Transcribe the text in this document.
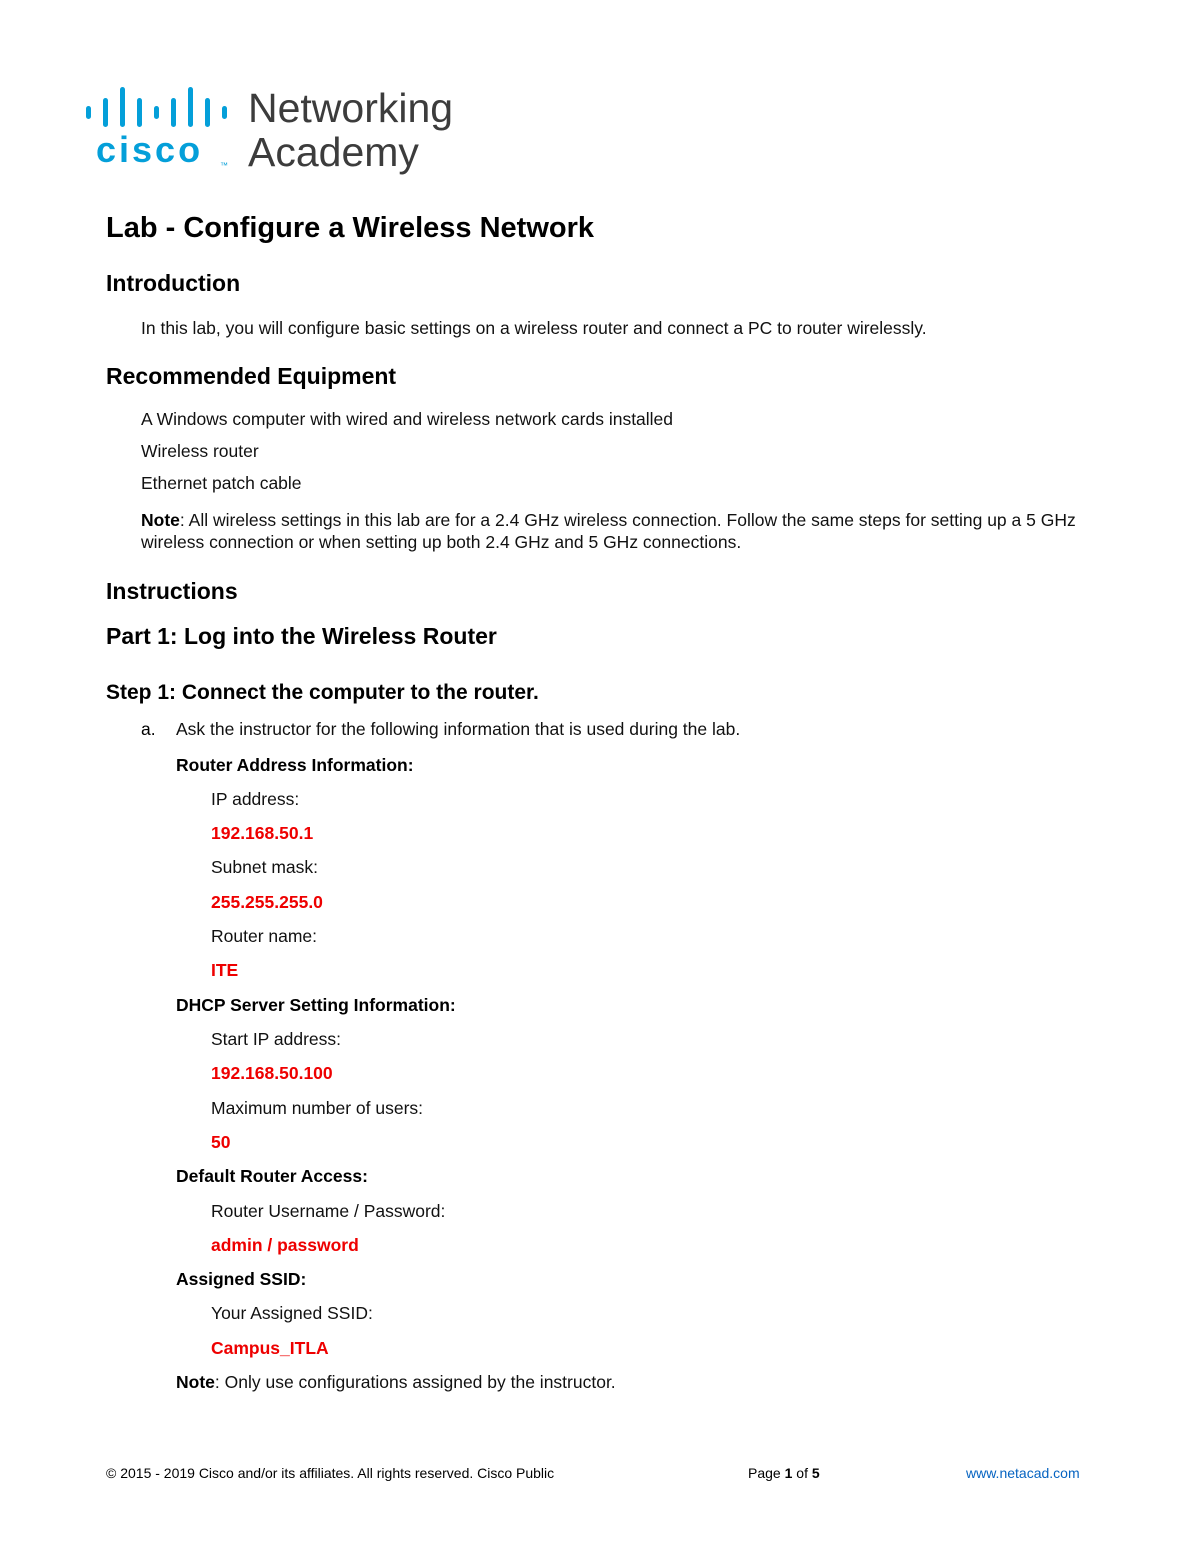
cisco ™
Networking
Academy
Lab - Configure a Wireless Network
Introduction
In this lab, you will configure basic settings on a wireless router and connect a PC to router wirelessly.
Recommended Equipment
A Windows computer with wired and wireless network cards installed
Wireless router
Ethernet patch cable
Note: All wireless settings in this lab are for a 2.4 GHz wireless connection. Follow the same steps for setting up a 5 GHz wireless connection or when setting up both 2.4 GHz and 5 GHz connections.
Instructions
Part 1: Log into the Wireless Router
Step 1: Connect the computer to the router.
a. Ask the instructor for the following information that is used during the lab.
Router Address Information:
IP address:
192.168.50.1
Subnet mask:
255.255.255.0
Router name:
ITE
DHCP Server Setting Information:
Start IP address:
192.168.50.100
Maximum number of users:
50
Default Router Access:
Router Username / Password:
admin / password
Assigned SSID:
Your Assigned SSID:
Campus_ITLA
Note: Only use configurations assigned by the instructor.
© 2015 - 2019 Cisco and/or its affiliates. All rights reserved. Cisco Public	Page 1 of 5	www.netacad.com
